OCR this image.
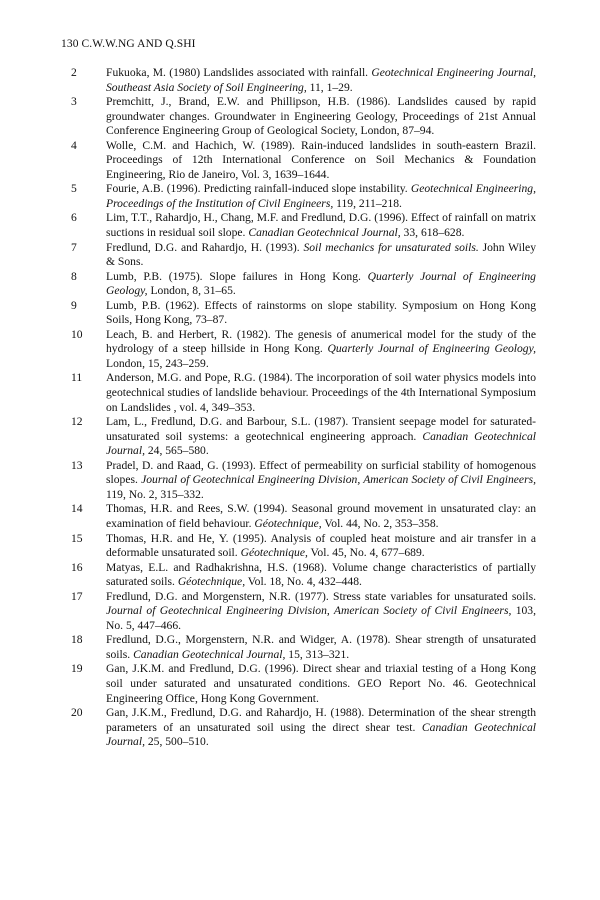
130 C.W.W.NG AND Q.SHI
2	Fukuoka, M. (1980) Landslides associated with rainfall. Geotechnical Engineering Journal, Southeast Asia Society of Soil Engineering, 11, 1–29.
3	Premchitt, J., Brand, E.W. and Phillipson, H.B. (1986). Landslides caused by rapid groundwater changes. Groundwater in Engineering Geology, Proceedings of 21st Annual Conference Engineering Group of Geological Society, London, 87–94.
4	Wolle, C.M. and Hachich, W. (1989). Rain-induced landslides in south-eastern Brazil. Proceedings of 12th International Conference on Soil Mechanics & Foundation Engineering, Rio de Janeiro, Vol. 3, 1639–1644.
5	Fourie, A.B. (1996). Predicting rainfall-induced slope instability. Geotechnical Engineering, Proceedings of the Institution of Civil Engineers, 119, 211–218.
6	Lim, T.T., Rahardjo, H., Chang, M.F. and Fredlund, D.G. (1996). Effect of rainfall on matrix suctions in residual soil slope. Canadian Geotechnical Journal, 33, 618–628.
7	Fredlund, D.G. and Rahardjo, H. (1993). Soil mechanics for unsaturated soils. John Wiley & Sons.
8	Lumb, P.B. (1975). Slope failures in Hong Kong. Quarterly Journal of Engineering Geology, London, 8, 31–65.
9	Lumb, P.B. (1962). Effects of rainstorms on slope stability. Symposium on Hong Kong Soils, Hong Kong, 73–87.
10	Leach, B. and Herbert, R. (1982). The genesis of anumerical model for the study of the hydrology of a steep hillside in Hong Kong. Quarterly Journal of Engineering Geology, London, 15, 243–259.
11	Anderson, M.G. and Pope, R.G. (1984). The incorporation of soil water physics models into geotechnical studies of landslide behaviour. Proceedings of the 4th International Symposium on Landslides , vol. 4, 349–353.
12	Lam, L., Fredlund, D.G. and Barbour, S.L. (1987). Transient seepage model for saturated-unsaturated soil systems: a geotechnical engineering approach. Canadian Geotechnical Journal, 24, 565–580.
13	Pradel, D. and Raad, G. (1993). Effect of permeability on surficial stability of homogenous slopes. Journal of Geotechnical Engineering Division, American Society of Civil Engineers, 119, No. 2, 315–332.
14	Thomas, H.R. and Rees, S.W. (1994). Seasonal ground movement in unsaturated clay: an examination of field behaviour. Géotechnique, Vol. 44, No. 2, 353–358.
15	Thomas, H.R. and He, Y. (1995). Analysis of coupled heat moisture and air transfer in a deformable unsaturated soil. Géotechnique, Vol. 45, No. 4, 677–689.
16	Matyas, E.L. and Radhakrishna, H.S. (1968). Volume change characteristics of partially saturated soils. Géotechnique, Vol. 18, No. 4, 432–448.
17	Fredlund, D.G. and Morgenstern, N.R. (1977). Stress state variables for unsaturated soils. Journal of Geotechnical Engineering Division, American Society of Civil Engineers, 103, No. 5, 447–466.
18	Fredlund, D.G., Morgenstern, N.R. and Widger, A. (1978). Shear strength of unsaturated soils. Canadian Geotechnical Journal, 15, 313–321.
19	Gan, J.K.M. and Fredlund, D.G. (1996). Direct shear and triaxial testing of a Hong Kong soil under saturated and unsaturated conditions. GEO Report No. 46. Geotechnical Engineering Office, Hong Kong Government.
20	Gan, J.K.M., Fredlund, D.G. and Rahardjo, H. (1988). Determination of the shear strength parameters of an unsaturated soil using the direct shear test. Canadian Geotechnical Journal, 25, 500–510.
